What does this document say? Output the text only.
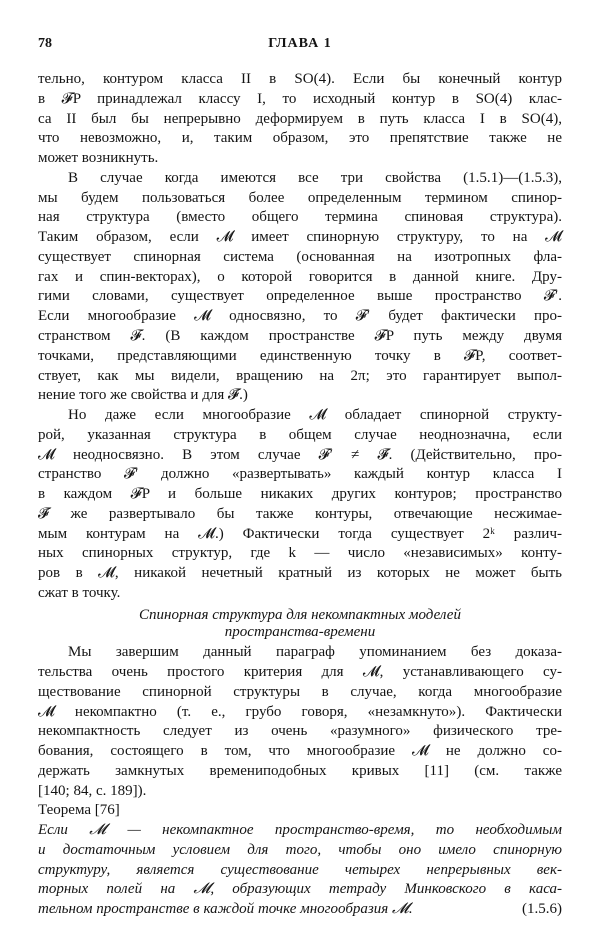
78	ГЛАВА 1
тельно, контуром класса II в SO(4). Если бы конечный контур
в 𝓕P принадлежал классу I, то исходный контур в SO(4) клас-
са II был бы непрерывно деформируем в путь класса I в SO(4),
что невозможно, и, таким образом, это препятствие также не
может возникнуть.
В случае когда имеются все три свойства (1.5.1)—(1.5.3),
мы будем пользоваться более определенным термином спинор-
ная структура (вместо общего термина спиновая структура).
Таким образом, если 𝓜 имеет спинорную структуру, то на 𝓜
существует спинорная система (основанная на изотропных фла-
гах и спин-векторах), о которой говорится в данной книге. Дру-
гими словами, существует определенное выше пространство 𝓕′.
Если многообразие 𝓜 односвязно, то 𝓕′ будет фактически про-
странством 𝓕. (В каждом пространстве 𝓕P путь между двумя
точками, представляющими единственную точку в 𝓕P, соответ-
ствует, как мы видели, вращению на 2π; это гарантирует выпол-
нение того же свойства и для 𝓕̃.)
Но даже если многообразие 𝓜 обладает спинорной структу-
рой, указанная структура в общем случае неоднозначна, если
𝓜 неодносвязно. В этом случае 𝓕′ ≠ 𝓕̃. (Действительно, про-
странство 𝓕′ должно «развертывать» каждый контур класса I
в каждом 𝓕P и больше никаких других контуров; пространство
𝓕̃ же развертывало бы также контуры, отвечающие несжимае-
мым контурам на 𝓜.) Фактически тогда существует 2ᵏ различ-
ных спинорных структур, где k — число «независимых» конту-
ров в 𝓜, никакой нечетный кратный из которых не может быть
сжат в точку.
Спинорная структура для некомпактных моделей
пространства-времени
Мы завершим данный параграф упоминанием без доказа-
тельства очень простого критерия для 𝓜, устанавливающего су-
ществование спинорной структуры в случае, когда многообразие
𝓜 некомпактно (т. е., грубо говоря, «незамкнуто»). Фактически
некомпактность следует из очень «разумного» физического тре-
бования, состоящего в том, что многообразие 𝓜 не должно со-
держать замкнутых времениподобных кривых [11] (см. также
[140; 84, с. 189]).
Теорема [76]
Если 𝓜 — некомпактное пространство-время, то необходимым
и достаточным условием для того, чтобы оно имело спинорную
структуру, является существование четырех непрерывных век-
торных полей на 𝓜, образующих тетраду Минковского в каса-
тельном пространстве в каждой точке многообразия 𝓜.	(1.5.6)
